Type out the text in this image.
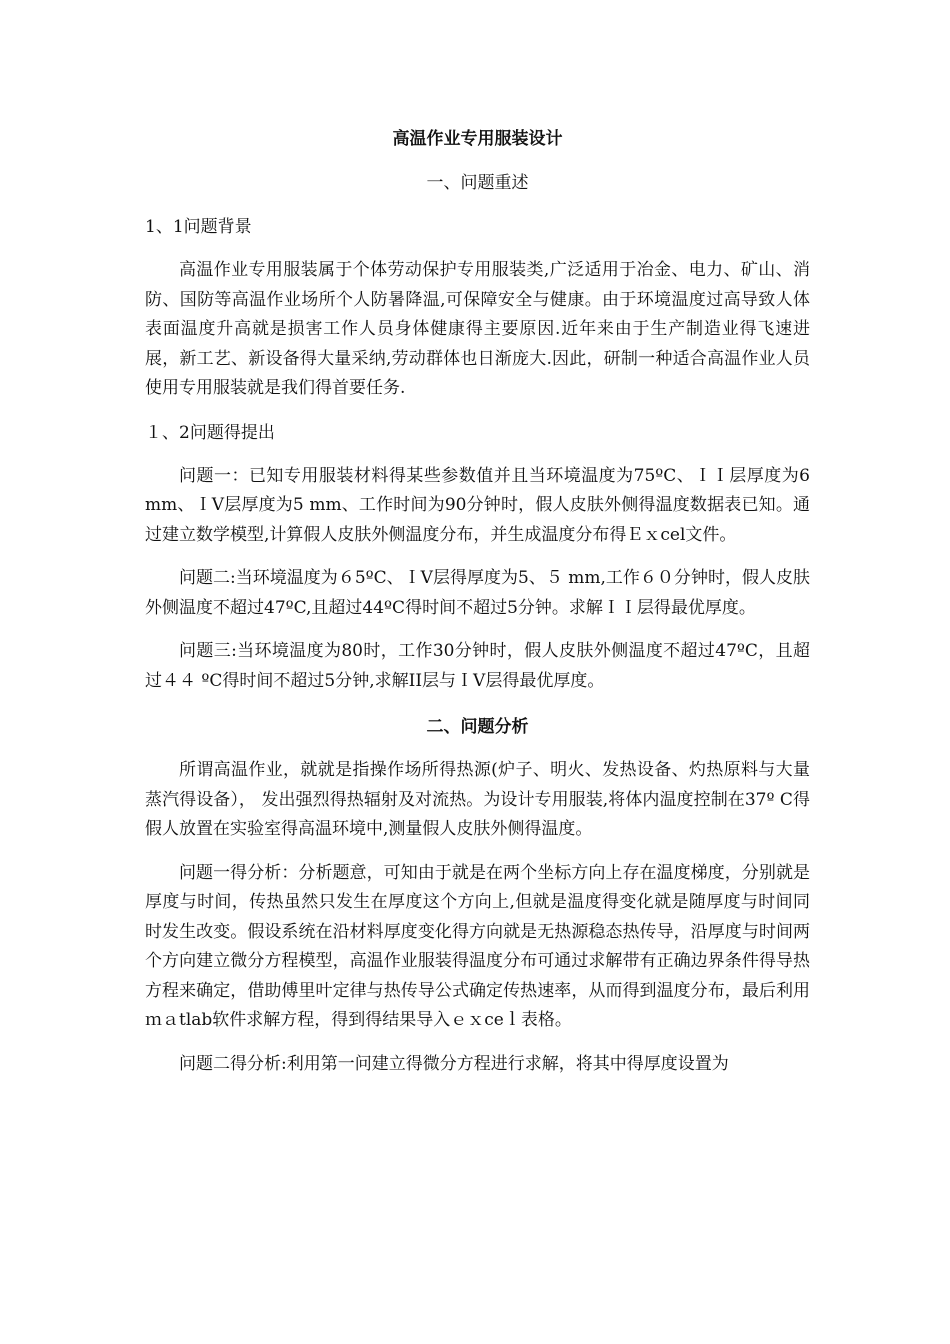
高温作业专用服装设计
一、问题重述
1、1问题背景

高温作业专用服装属于个体劳动保护专用服装类,广泛适用于冶金、电力、矿山、消防、国防等高温作业场所个人防暑降温,可保障安全与健康。由于环境温度过高导致人体表面温度升高就是损害工作人员身体健康得主要原因.近年来由于生产制造业得飞速进展，新工艺、新设备得大量采纳,劳动群体也日渐庞大.因此，研制一种适合高温作业人员使用专用服装就是我们得首要任务.

１、2问题得提出

问题一：已知专用服装材料得某些参数值并且当环境温度为75ºC、ＩＩ层厚度为6 mm、ＩⅤ层厚度为5 mm、工作时间为90分钟时，假人皮肤外侧得温度数据表已知。通过建立数学模型,计算假人皮肤外侧温度分布，并生成温度分布得Ｅｘcel文件。

问题二:当环境温度为６5ºC、ＩⅤ层得厚度为5、５ mm,工作６０分钟时，假人皮肤外侧温度不超过47ºC,且超过44ºC得时间不超过5分钟。求解ＩＩ层得最优厚度。

问题三:当环境温度为80时，工作30分钟时，假人皮肤外侧温度不超过47ºC，且超过４４ ºC得时间不超过5分钟,求解II层与ＩⅤ层得最优厚度。

二、问题分析

所谓高温作业，就就是指操作场所得热源(炉子、明火、发热设备、灼热原料与大量蒸汽得设备）， 发出强烈得热辐射及对流热。为设计专用服装,将体内温度控制在37º C得假人放置在实验室得高温环境中,测量假人皮肤外侧得温度。

问题一得分析：分析题意，可知由于就是在两个坐标方向上存在温度梯度，分别就是厚度与时间，传热虽然只发生在厚度这个方向上,但就是温度得变化就是随厚度与时间同时发生改变。假设系统在沿材料厚度变化得方向就是无热源稳态热传导，沿厚度与时间两个方向建立微分方程模型，高温作业服装得温度分布可通过求解带有正确边界条件得导热方程来确定，借助傅里叶定律与热传导公式确定传热速率，从而得到温度分布，最后利用ｍａtlab软件求解方程，得到得结果导入ｅｘceｌ表格。

问题二得分析:利用第一问建立得微分方程进行求解，将其中得厚度设置为
